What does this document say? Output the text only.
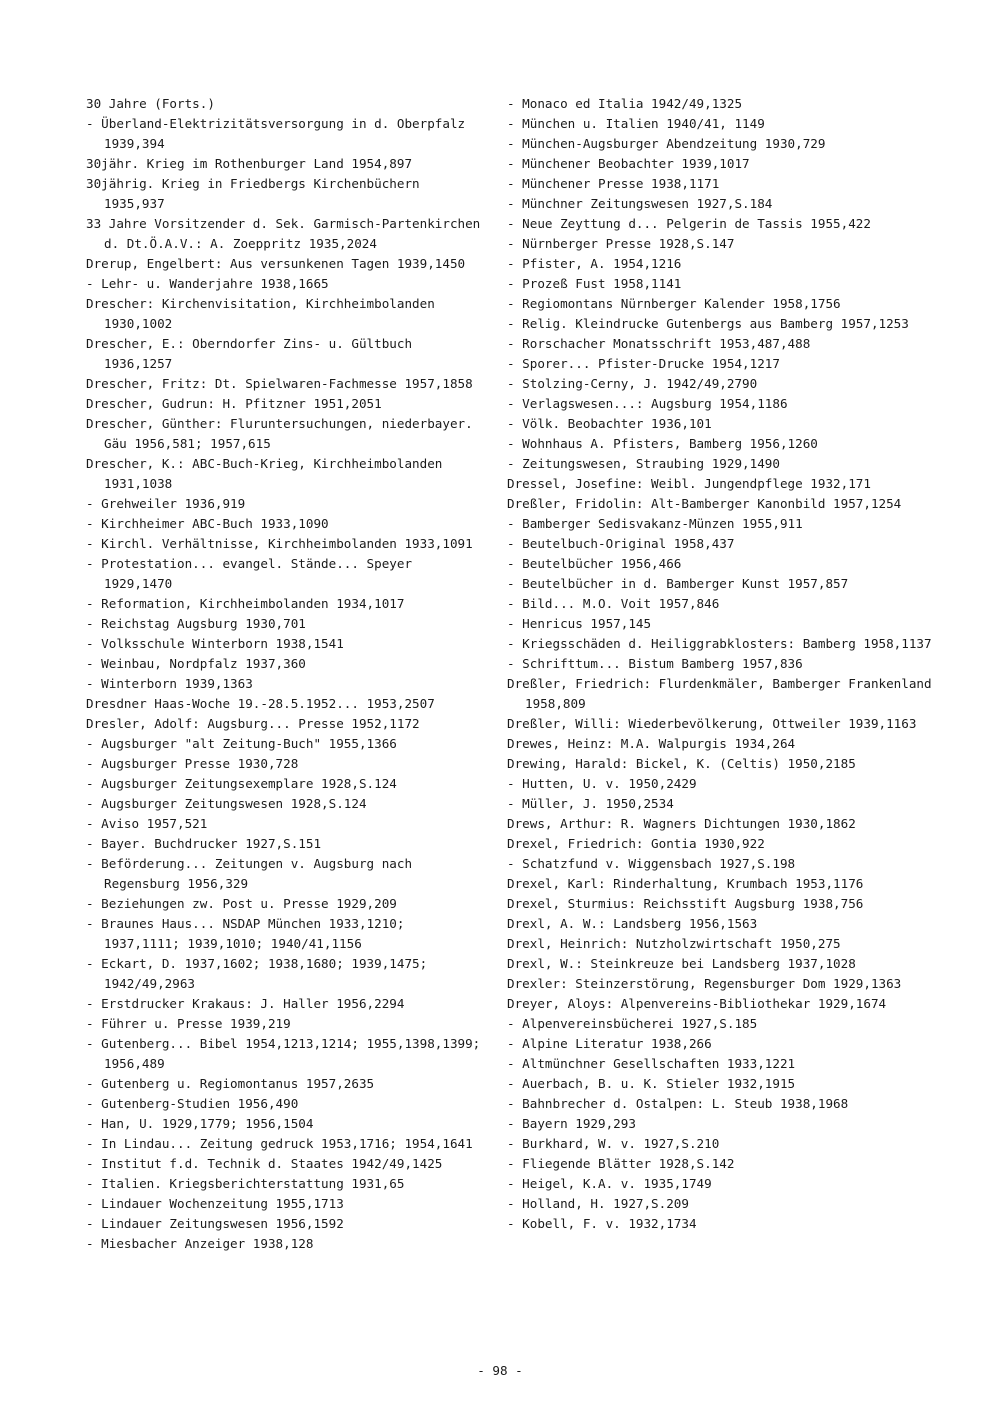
30 Jahre (Forts.)
- Überland-Elektrizitätsversorgung in d. Oberpfalz 1939,394
30jähr. Krieg im Rothenburger Land 1954,897
30jährig. Krieg in Friedbergs Kirchenbüchern 1935,937
33 Jahre Vorsitzender d. Sek. Garmisch-Partenkirchen d. Dt.Ö.A.V.: A. Zoeppritz 1935,2024
Drerup, Engelbert: Aus versunkenen Tagen 1939,1450
- Lehr- u. Wanderjahre 1938,1665
Drescher: Kirchenvisitation, Kirchheimbolanden 1930,1002
Drescher, E.: Oberndorfer Zins- u. Gültbuch 1936,1257
Drescher, Fritz: Dt. Spielwaren-Fachmesse 1957,1858
Drescher, Gudrun: H. Pfitzner 1951,2051
Drescher, Günther: Fluruntersuchungen, niederbayer. Gäu 1956,581; 1957,615
Drescher, K.: ABC-Buch-Krieg, Kirchheimbolanden 1931,1038
- Grehweiler 1936,919
- Kirchheimer ABC-Buch 1933,1090
- Kirchl. Verhältnisse, Kirchheimbolanden 1933,1091
- Protestation... evangel. Stände... Speyer 1929,1470
- Reformation, Kirchheimbolanden 1934,1017
- Reichstag Augsburg 1930,701
- Volksschule Winterborn 1938,1541
- Weinbau, Nordpfalz 1937,360
- Winterborn 1939,1363
Dresdner Haas-Woche 19.-28.5.1952... 1953,2507
Dresler, Adolf: Augsburg... Presse 1952,1172
- Augsburger "alt Zeitung-Buch" 1955,1366
- Augsburger Presse 1930,728
- Augsburger Zeitungsexemplare 1928,S.124
- Augsburger Zeitungswesen 1928,S.124
- Aviso 1957,521
- Bayer. Buchdrucker 1927,S.151
- Beförderung... Zeitungen v. Augsburg nach Regensburg 1956,329
- Beziehungen zw. Post u. Presse 1929,209
- Braunes Haus... NSDAP München 1933,1210; 1937,1111; 1939,1010; 1940/41,1156
- Eckart, D. 1937,1602; 1938,1680; 1939,1475; 1942/49,2963
- Erstdrucker Krakaus: J. Haller 1956,2294
- Führer u. Presse 1939,219
- Gutenberg... Bibel 1954,1213,1214; 1955,1398,1399; 1956,489
- Gutenberg u. Regiomontanus 1957,2635
- Gutenberg-Studien 1956,490
- Han, U. 1929,1779; 1956,1504
- In Lindau... Zeitung gedruck 1953,1716; 1954,1641
- Institut f.d. Technik d. Staates 1942/49,1425
- Italien. Kriegsberichterstattung 1931,65
- Lindauer Wochenzeitung 1955,1713
- Lindauer Zeitungswesen 1956,1592
- Miesbacher Anzeiger 1938,128
- Monaco ed Italia 1942/49,1325
- München u. Italien 1940/41, 1149
- München-Augsburger Abendzeitung 1930,729
- Münchener Beobachter 1939,1017
- Münchener Presse 1938,1171
- Münchner Zeitungswesen 1927,S.184
- Neue Zeyttung d... Pelgerin de Tassis 1955,422
- Nürnberger Presse 1928,S.147
- Pfister, A. 1954,1216
- Prozeß Fust 1958,1141
- Regiomontans Nürnberger Kalender 1958,1756
- Relig. Kleindrucke Gutenbergs aus Bamberg 1957,1253
- Rorschacher Monatsschrift 1953,487,488
- Sporer... Pfister-Drucke 1954,1217
- Stolzing-Cerny, J. 1942/49,2790
- Verlagswesen...: Augsburg 1954,1186
- Völk. Beobachter 1936,101
- Wohnhaus A. Pfisters, Bamberg 1956,1260
- Zeitungswesen, Straubing 1929,1490
Dressel, Josefine: Weibl. Jungendpflege 1932,171
Dreßler, Fridolin: Alt-Bamberger Kanonbild 1957,1254
- Bamberger Sedisvakanz-Münzen 1955,911
- Beutelbuch-Original 1958,437
- Beutelbücher 1956,466
- Beutelbücher in d. Bamberger Kunst 1957,857
- Bild... M.O. Voit 1957,846
- Henricus 1957,145
- Kriegsschäden d. Heiliggrabklosters: Bamberg 1958,1137
- Schrifttum... Bistum Bamberg 1957,836
Dreßler, Friedrich: Flurdenkmäler, Bamberger Frankenland 1958,809
Dreßler, Willi: Wiederbevölkerung, Ottweiler 1939,1163
Drewes, Heinz: M.A. Walpurgis 1934,264
Drewing, Harald: Bickel, K. (Celtis) 1950,2185
- Hutten, U. v. 1950,2429
- Müller, J. 1950,2534
Drews, Arthur: R. Wagners Dichtungen 1930,1862
Drexel, Friedrich: Gontia 1930,922
- Schatzfund v. Wiggensbach 1927,S.198
Drexel, Karl: Rinderhaltung, Krumbach 1953,1176
Drexel, Sturmius: Reichsstift Augsburg 1938,756
Drexl, A. W.: Landsberg 1956,1563
Drexl, Heinrich: Nutzholzwirtschaft 1950,275
Drexl, W.: Steinkreuze bei Landsberg 1937,1028
Drexler: Steinzerstörung, Regensburger Dom 1929,1363
Dreyer, Aloys: Alpenvereins-Bibliothekar 1929,1674
- Alpenvereinsbücherei 1927,S.185
- Alpine Literatur 1938,266
- Altmünchner Gesellschaften 1933,1221
- Auerbach, B. u. K. Stieler 1932,1915
- Bahnbrecher d. Ostalpen: L. Steub 1938,1968
- Bayern 1929,293
- Burkhard, W. v. 1927,S.210
- Fliegende Blätter 1928,S.142
- Heigel, K.A. v. 1935,1749
- Holland, H. 1927,S.209
- Kobell, F. v. 1932,1734
- 98 -
